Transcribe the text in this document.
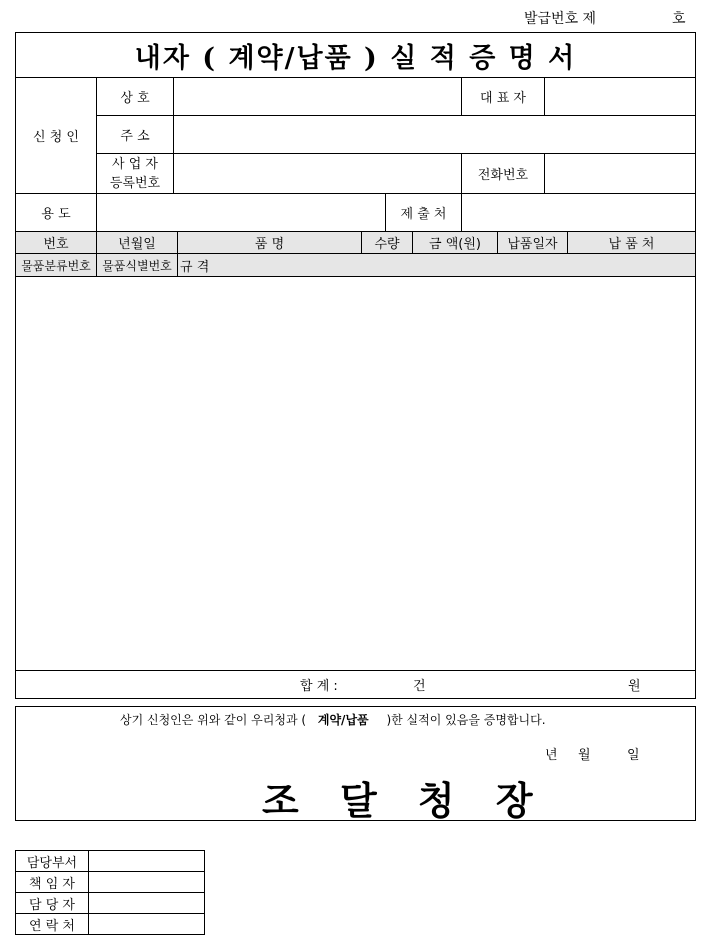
발급번호 제	호
내자 ( 계약/납품 ) 실 적 증 명 서
신 청 인
상 호	대 표 자
주 소
사 업 자
등록번호	전화번호
용 도	제 출 처
번호	년월일	품 명	수량	금 액(원)	납품일자	납 품 처
물품분류번호 물품식별번호 규 격
합 계 :	건	원
상기 신청인은 위와 같이 우리청과 ( 계약/납품 )한 실적이 있음을 증명합니다.
년 월	일
조 달 청 장
담당부서
책 임 자
담 당 자
연 락 처
